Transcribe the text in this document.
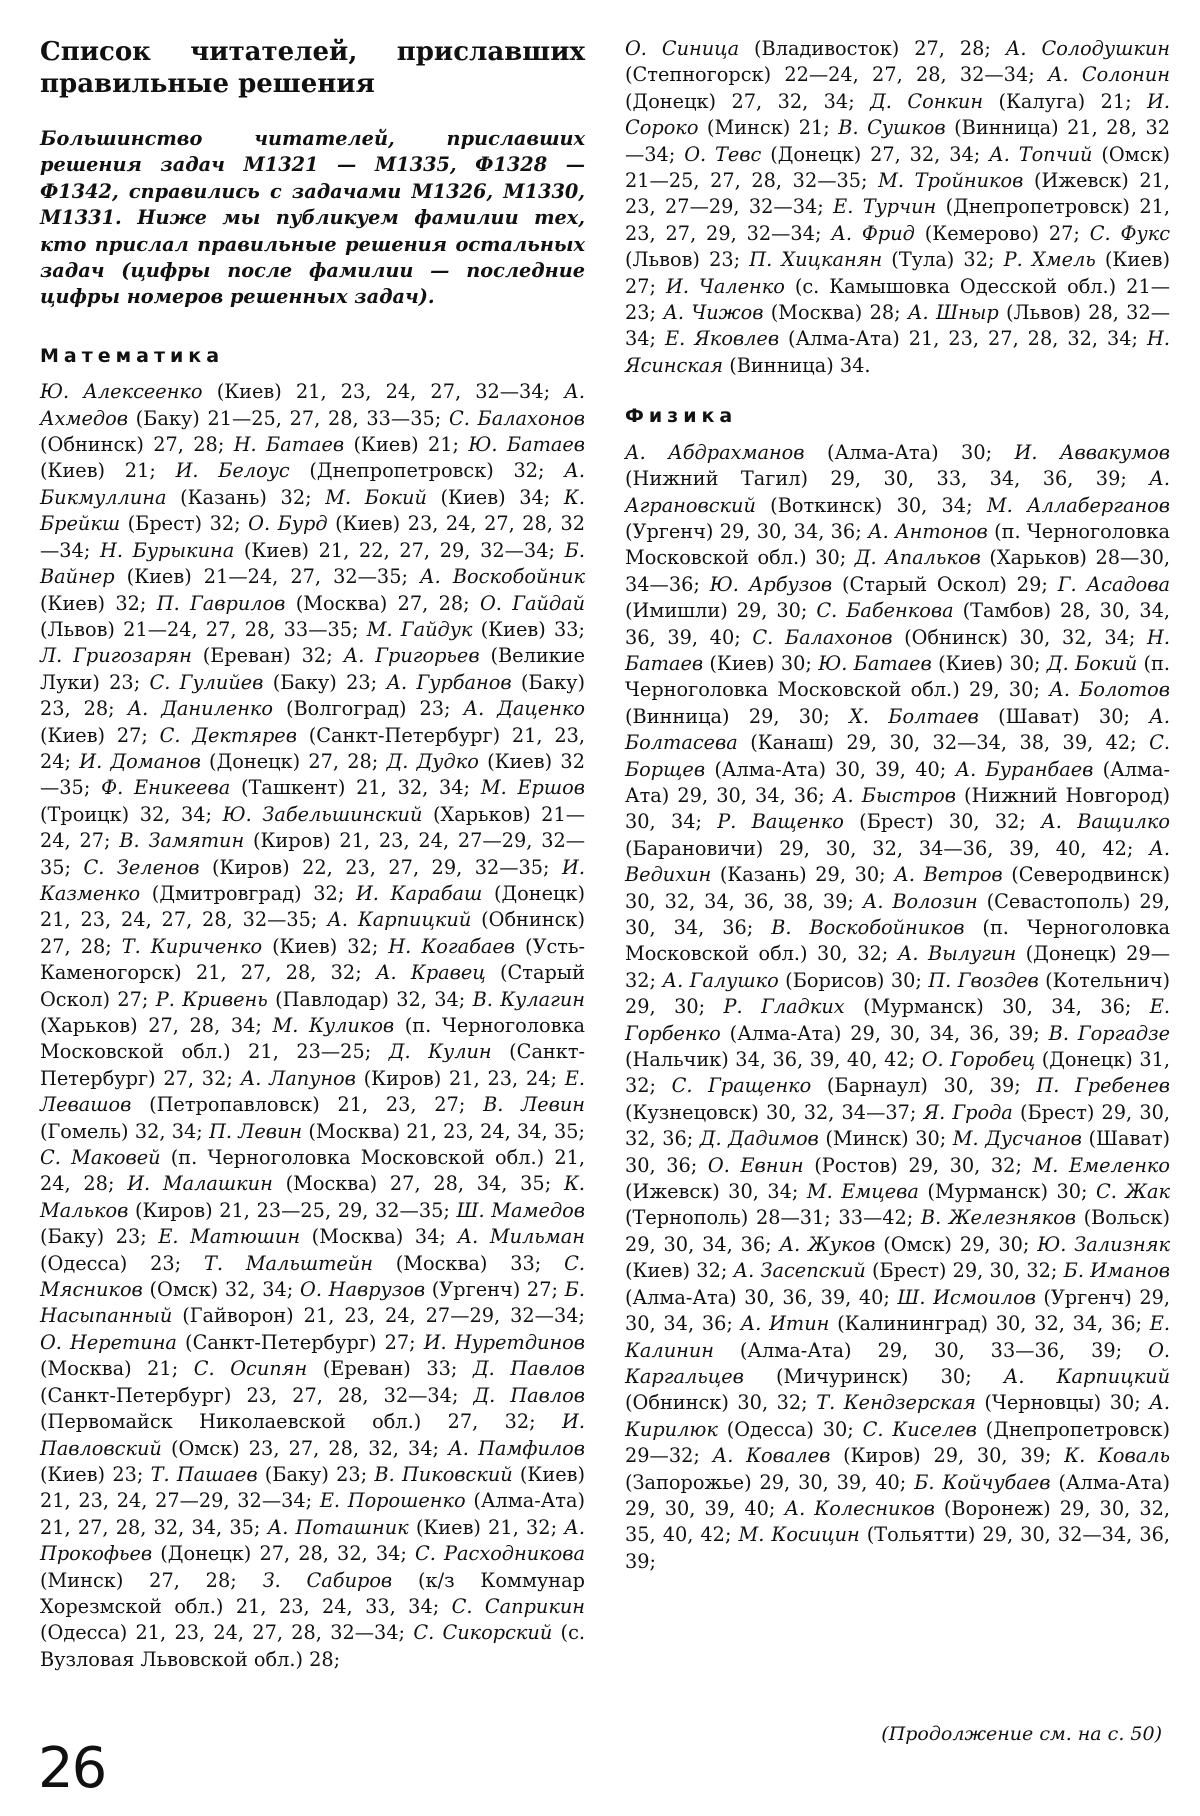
Список читателей, приславших правильные решения

Большинство читателей, приславших решения задач М1321 — М1335, Ф1328 — Ф1342, справились с задачами М1326, М1330, М1331. Ниже мы публикуем фамилии тех, кто прислал правильные решения остальных задач (цифры после фамилии — последние цифры номеров решенных задач).

Математика
Ю. Алексеенко (Киев) 21, 23, 24, 27, 32—34; А. Ахмедов (Баку) 21—25, 27, 28, 33—35; С. Балахонов (Обнинск) 27, 28; Н. Батаев (Киев) 21; Ю. Батаев (Киев) 21; И. Белоус (Днепропетровск) 32; А. Бикмуллина (Казань) 32; М. Бокий (Киев) 34; К. Брейкш (Брест) 32; О. Бурд (Киев) 23, 24, 27, 28, 32—34; Н. Бурыкина (Киев) 21, 22, 27, 29, 32—34; Б. Вайнер (Киев) 21—24, 27, 32—35; А. Воскобойник (Киев) 32; П. Гаврилов (Москва) 27, 28; О. Гайдай (Львов) 21—24, 27, 28, 33—35; М. Гайдук (Киев) 33; Л. Григозарян (Ереван) 32; А. Григорьев (Великие Луки) 23; С. Гулийев (Баку) 23; А. Гурбанов (Баку) 23, 28; А. Даниленко (Волгоград) 23; А. Даценко (Киев) 27; С. Дектярев (Санкт-Петербург) 21, 23, 24; И. Доманов (Донецк) 27, 28; Д. Дудко (Киев) 32—35; Ф. Еникеева (Ташкент) 21, 32, 34; М. Ершов (Троицк) 32, 34; Ю. Забельшинский (Харьков) 21—24, 27; В. Замятин (Киров) 21, 23, 24, 27—29, 32—35; С. Зеленов (Киров) 22, 23, 27, 29, 32—35; И. Казменко (Дмитровград) 32; И. Карабаш (Донецк) 21, 23, 24, 27, 28, 32—35; А. Карпицкий (Обнинск) 27, 28; Т. Кириченко (Киев) 32; Н. Когабаев (Усть-Каменогорск) 21, 27, 28, 32; А. Кравец (Старый Оскол) 27; Р. Кривень (Павлодар) 32, 34; В. Кулагин (Харьков) 27, 28, 34; М. Куликов (п. Черноголовка Московской обл.) 21, 23—25; Д. Кулин (Санкт-Петербург) 27, 32; А. Лапунов (Киров) 21, 23, 24; Е. Левашов (Петропавловск) 21, 23, 27; В. Левин (Гомель) 32, 34; П. Левин (Москва) 21, 23, 24, 34, 35; С. Маковей (п. Черноголовка Московской обл.) 21, 24, 28; И. Малашкин (Москва) 27, 28, 34, 35; К. Мальков (Киров) 21, 23—25, 29, 32—35; Ш. Мамедов (Баку) 23; Е. Матюшин (Москва) 34; А. Мильман (Одесса) 23; Т. Мальштейн (Москва) 33; С. Мясников (Омск) 32, 34; О. Наврузов (Ургенч) 27; Б. Насыпанный (Гайворон) 21, 23, 24, 27—29, 32—34; О. Неретина (Санкт-Петербург) 27; И. Нуретдинов (Москва) 21; С. Осипян (Ереван) 33; Д. Павлов (Санкт-Петербург) 23, 27, 28, 32—34; Д. Павлов (Первомайск Николаевской обл.) 27, 32; И. Павловский (Омск) 23, 27, 28, 32, 34; А. Памфилов (Киев) 23; Т. Пашаев (Баку) 23; В. Пиковский (Киев) 21, 23, 24, 27—29, 32—34; Е. Порошенко (Алма-Ата) 21, 27, 28, 32, 34, 35; А. Поташник (Киев) 21, 32; А. Прокофьев (Донецк) 27, 28, 32, 34; С. Расходникова (Минск) 27, 28; З. Сабиров (к/з Коммунар Хорезмской обл.) 21, 23, 24, 33, 34; С. Саприкин (Одесса) 21, 23, 24, 27, 28, 32—34; С. Сикорский (с. Вузловая Львовской обл.) 28;
О. Синица (Владивосток) 27, 28; А. Солодушкин (Степногорск) 22—24, 27, 28, 32—34; А. Солонин (Донецк) 27, 32, 34; Д. Сонкин (Калуга) 21; И. Сороко (Минск) 21; В. Сушков (Винница) 21, 28, 32—34; О. Тевс (Донецк) 27, 32, 34; А. Топчий (Омск) 21—25, 27, 28, 32—35; М. Тройников (Ижевск) 21, 23, 27—29, 32—34; Е. Турчин (Днепропетровск) 21, 23, 27, 29, 32—34; А. Фрид (Кемерово) 27; С. Фукс (Львов) 23; П. Хицканян (Тула) 32; Р. Хмель (Киев) 27; И. Чаленко (с. Камышовка Одесской обл.) 21—23; А. Чижов (Москва) 28; А. Шныр (Львов) 28, 32—34; Е. Яковлев (Алма-Ата) 21, 23, 27, 28, 32, 34; Н. Ясинская (Винница) 34.
Физика
А. Абдрахманов (Алма-Ата) 30; И. Аввакумов (Нижний Тагил) 29, 30, 33, 34, 36, 39; А. Аграновский (Воткинск) 30, 34; М. Аллаберганов (Ургенч) 29, 30, 34, 36; А. Антонов (п. Черноголовка Московской обл.) 30; Д. Апальков (Харьков) 28—30, 34—36; Ю. Арбузов (Старый Оскол) 29; Г. Асадова (Имишли) 29, 30; С. Бабенкова (Тамбов) 28, 30, 34, 36, 39, 40; С. Балахонов (Обнинск) 30, 32, 34; Н. Батаев (Киев) 30; Ю. Батаев (Киев) 30; Д. Бокий (п. Черноголовка Московской обл.) 29, 30; А. Болотов (Винница) 29, 30; Х. Болтаев (Шават) 30; А. Болтасева (Канаш) 29, 30, 32—34, 38, 39, 42; С. Борщев (Алма-Ата) 30, 39, 40; А. Буранбаев (Алма-Ата) 29, 30, 34, 36; А. Быстров (Нижний Новгород) 30, 34; Р. Ващенко (Брест) 30, 32; А. Ващилко (Барановичи) 29, 30, 32, 34—36, 39, 40, 42; А. Ведихин (Казань) 29, 30; А. Ветров (Северодвинск) 30, 32, 34, 36, 38, 39; А. Волозин (Севастополь) 29, 30, 34, 36; В. Воскобойников (п. Черноголовка Московской обл.) 30, 32; А. Вылугин (Донецк) 29—32; А. Галушко (Борисов) 30; П. Гвоздев (Котельнич) 29, 30; Р. Гладких (Мурманск) 30, 34, 36; Е. Горбенко (Алма-Ата) 29, 30, 34, 36, 39; В. Горгадзе (Нальчик) 34, 36, 39, 40, 42; О. Горобец (Донецк) 31, 32; С. Гращенко (Барнаул) 30, 39; П. Гребенев (Кузнецовск) 30, 32, 34—37; Я. Грода (Брест) 29, 30, 32, 36; Д. Дадимов (Минск) 30; М. Дусчанов (Шават) 30, 36; О. Евнин (Ростов) 29, 30, 32; М. Емеленко (Ижевск) 30, 34; М. Емцева (Мурманск) 30; С. Жак (Тернополь) 28—31; 33—42; В. Железняков (Вольск) 29, 30, 34, 36; А. Жуков (Омск) 29, 30; Ю. Зализняк (Киев) 32; А. Засепский (Брест) 29, 30, 32; Б. Иманов (Алма-Ата) 30, 36, 39, 40; Ш. Исмоилов (Ургенч) 29, 30, 34, 36; А. Итин (Калининград) 30, 32, 34, 36; Е. Калинин (Алма-Ата) 29, 30, 33—36, 39; О. Каргальцев (Мичуринск) 30; А. Карпицкий (Обнинск) 30, 32; Т. Кендзерская (Черновцы) 30; А. Кирилюк (Одесса) 30; С. Киселев (Днепропетровск) 29—32; А. Ковалев (Киров) 29, 30, 39; К. Коваль (Запорожье) 29, 30, 39, 40; Б. Койчубаев (Алма-Ата) 29, 30, 39, 40; А. Колесников (Воронеж) 29, 30, 32, 35, 40, 42; М. Косицин (Тольятти) 29, 30, 32—34, 36, 39;
(Продолжение см. на с. 50)
26
